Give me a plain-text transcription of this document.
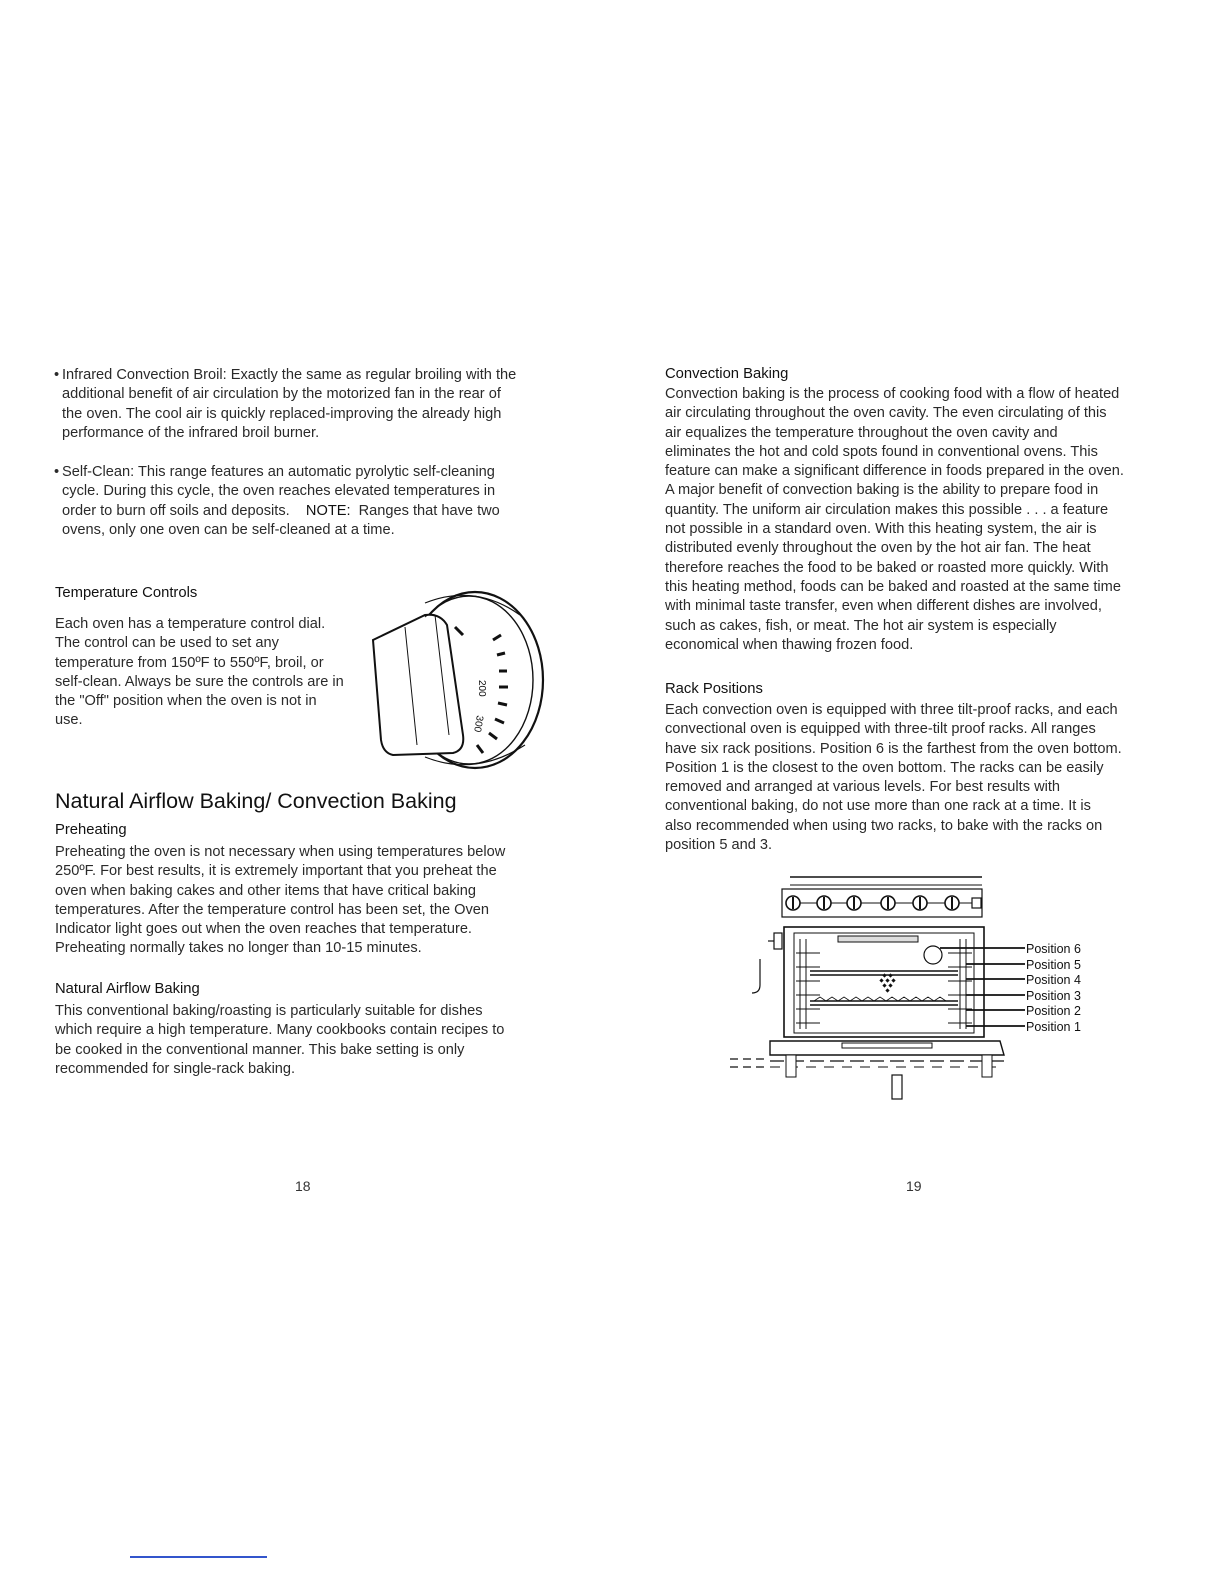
• Infrared Convection Broil: Exactly the same as regular broiling with the
additional benefit of air circulation by the motorized fan in the rear of
the oven. The cool air is quickly replaced-improving the already high
performance of the infrared broil burner.
• Self-Clean: This range features an automatic pyrolytic self-cleaning
cycle. During this cycle, the oven reaches elevated temperatures in
order to burn off soils and deposits. NOTE: Ranges that have two
ovens, only one oven can be self-cleaned at a time.
Temperature Controls
Each oven has a temperature control dial.
The control can be used to set any
temperature from 150ºF to 550ºF, broil, or
self-clean. Always be sure the controls are in
the "Off" position when the oven is not in
use.
200
300
Natural Airflow Baking/ Convection Baking
Preheating
Preheating the oven is not necessary when using temperatures below
250ºF. For best results, it is extremely important that you preheat the
oven when baking cakes and other items that have critical baking
temperatures. After the temperature control has been set, the Oven
Indicator light goes out when the oven reaches that temperature.
Preheating normally takes no longer than 10-15 minutes.
Natural Airflow Baking
This conventional baking/roasting is particularly suitable for dishes
which require a high temperature. Many cookbooks contain recipes to
be cooked in the conventional manner. This bake setting is only
recommended for single-rack baking.
18
Convection Baking
Convection baking is the process of cooking food with a flow of heated
air circulating throughout the oven cavity. The even circulating of this
air equalizes the temperature throughout the oven cavity and
eliminates the hot and cold spots found in conventional ovens. This
feature can make a significant difference in foods prepared in the oven.
A major benefit of convection baking is the ability to prepare food in
quantity. The uniform air circulation makes this possible . . . a feature
not possible in a standard oven. With this heating system, the air is
distributed evenly throughout the oven by the hot air fan. The heat
therefore reaches the food to be baked or roasted more quickly. With
this heating method, foods can be baked and roasted at the same time
with minimal taste transfer, even when different dishes are involved,
such as cakes, fish, or meat. The hot air system is especially
economical when thawing frozen food.
Rack Positions
Each convection oven is equipped with three tilt-proof racks, and each
convectional oven is equipped with three-tilt proof racks. All ranges
have six rack positions. Position 6 is the farthest from the oven bottom.
Position 1 is the closest to the oven bottom. The racks can be easily
removed and arranged at various levels. For best results with
conventional baking, do not use more than one rack at a time. It is
also recommended when using two racks, to bake with the racks on
position 5 and 3.
Position 6
Position 5
Position 4
Position 3
Position 2
Position 1
19
